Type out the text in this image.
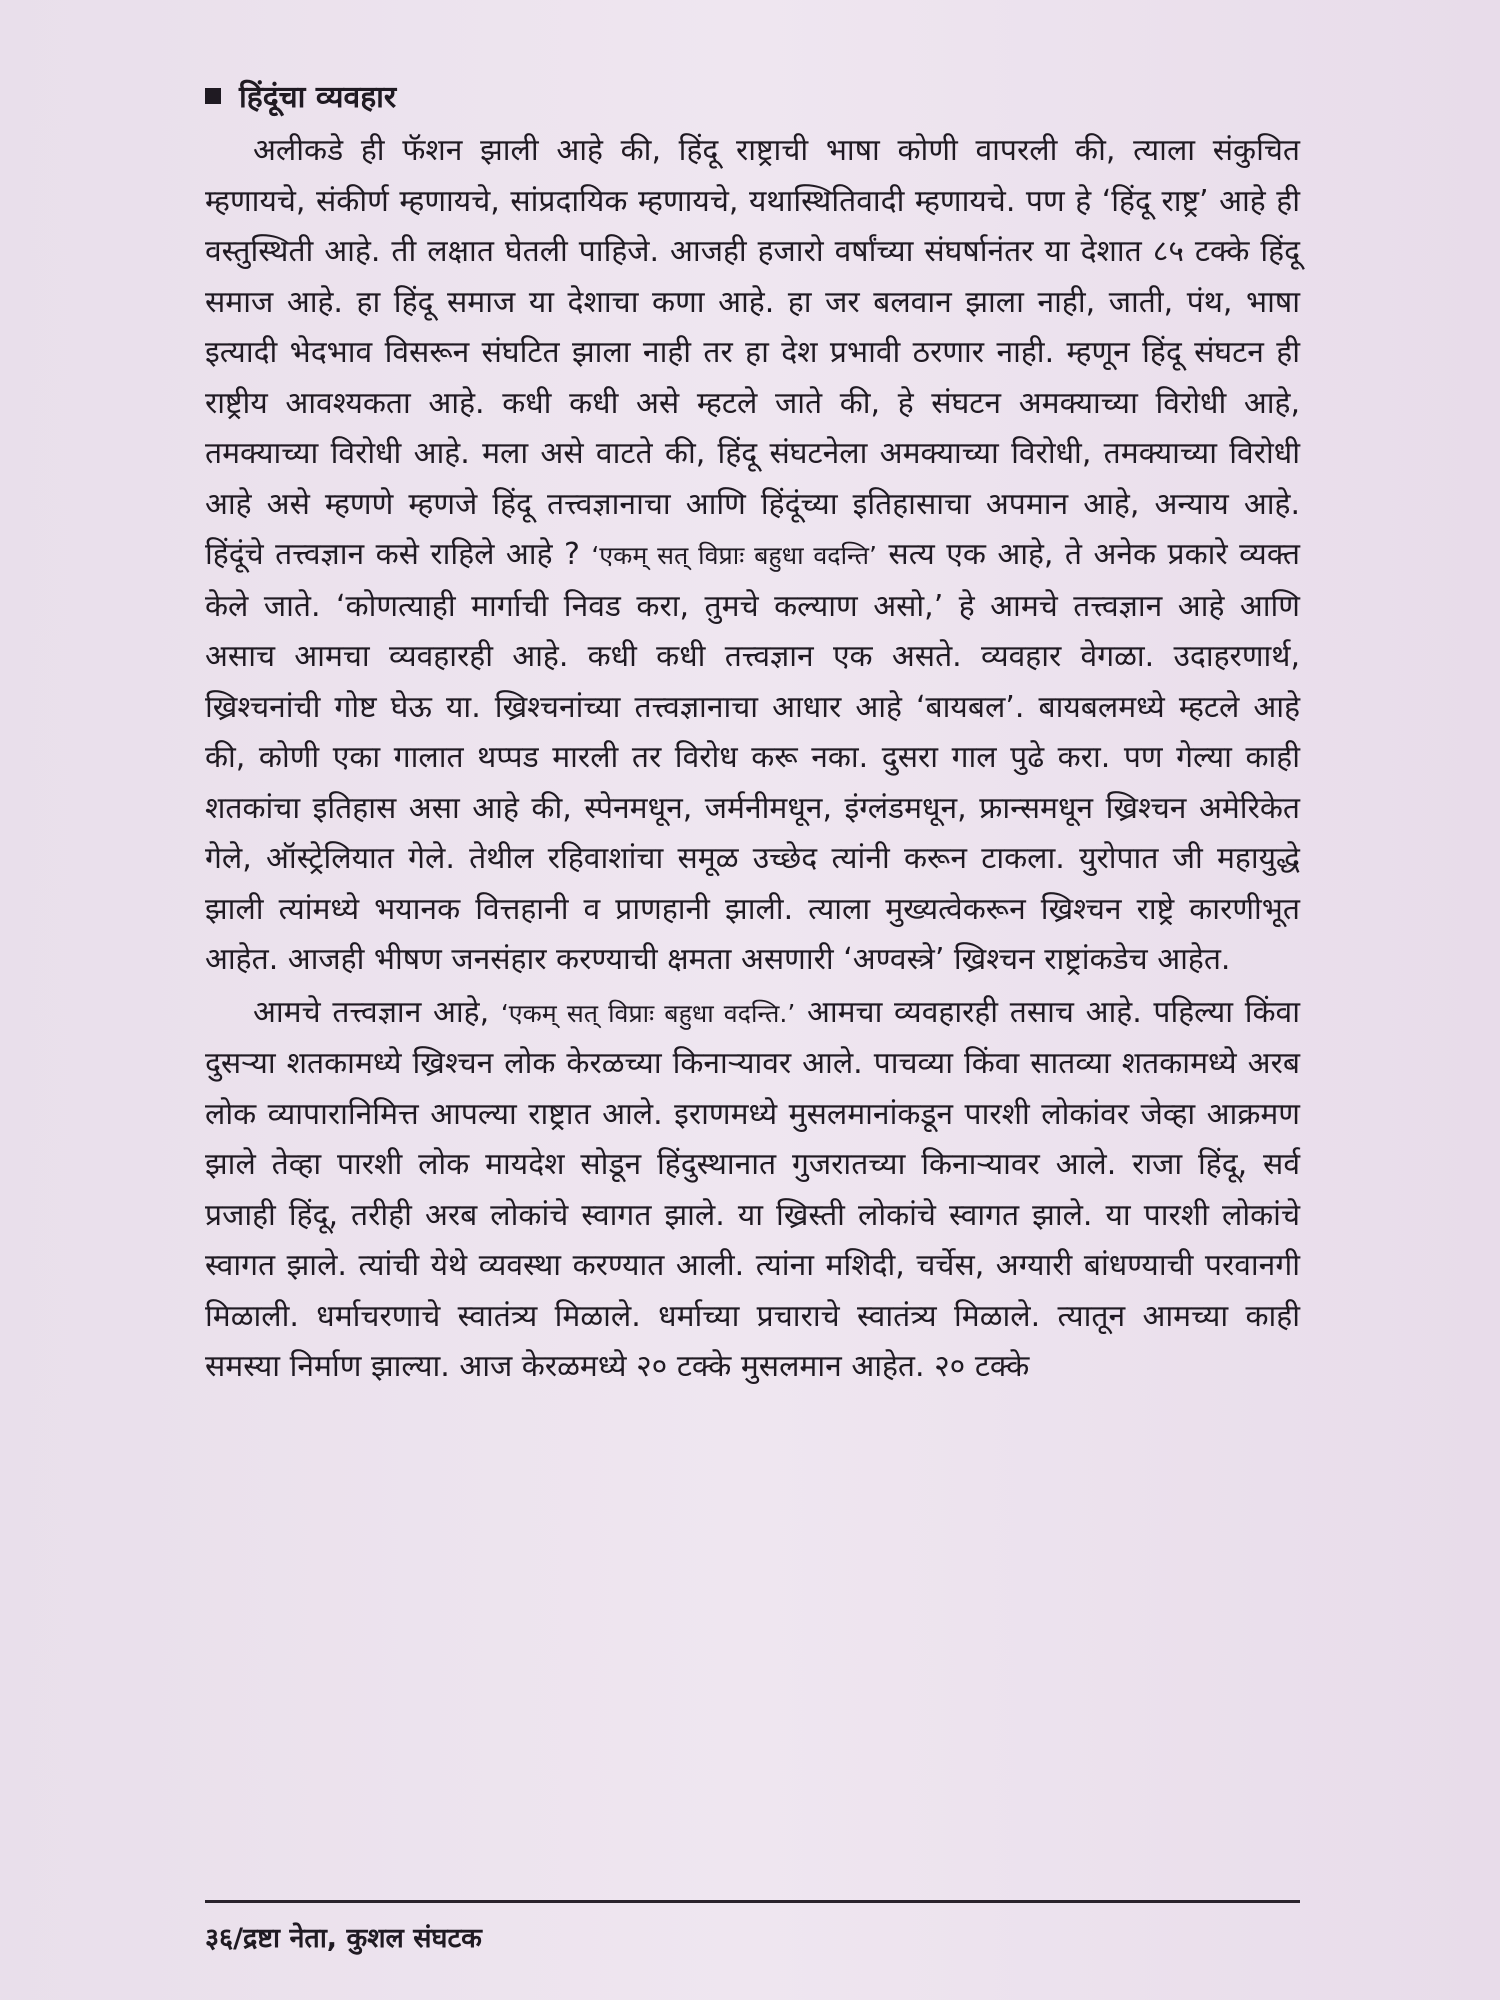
हिंदूंचा व्यवहार

अलीकडे ही फॅशन झाली आहे की, हिंदू राष्ट्राची भाषा कोणी वापरली की, त्याला संकुचित म्हणायचे, संकीर्ण म्हणायचे, सांप्रदायिक म्हणायचे, यथास्थितिवादी म्हणायचे. पण हे ‘हिंदू राष्ट्र’ आहे ही वस्तुस्थिती आहे. ती लक्षात घेतली पाहिजे. आजही हजारो वर्षांच्या संघर्षानंतर या देशात ८५ टक्के हिंदू समाज आहे. हा हिंदू समाज या देशाचा कणा आहे. हा जर बलवान झाला नाही, जाती, पंथ, भाषा इत्यादी भेदभाव विसरून संघटित झाला नाही तर हा देश प्रभावी ठरणार नाही. म्हणून हिंदू संघटन ही राष्ट्रीय आवश्यकता आहे. कधी कधी असे म्हटले जाते की, हे संघटन अमक्याच्या विरोधी आहे, तमक्याच्या विरोधी आहे. मला असे वाटते की, हिंदू संघटनेला अमक्याच्या विरोधी, तमक्याच्या विरोधी आहे असे म्हणणे म्हणजे हिंदू तत्त्वज्ञानाचा आणि हिंदूंच्या इतिहासाचा अपमान आहे, अन्याय आहे. हिंदूंचे तत्त्वज्ञान कसे राहिले आहे ? ‘एकम् सत् विप्राः बहुधा वदन्ति’ सत्य एक आहे, ते अनेक प्रकारे व्यक्त केले जाते. ‘कोणत्याही मार्गाची निवड करा, तुमचे कल्याण असो,’ हे आमचे तत्त्वज्ञान आहे आणि असाच आमचा व्यवहारही आहे. कधी कधी तत्त्वज्ञान एक असते. व्यवहार वेगळा. उदाहरणार्थ, ख्रिश्चनांची गोष्ट घेऊ या. ख्रिश्चनांच्या तत्त्वज्ञानाचा आधार आहे ‘बायबल’. बायबलमध्ये म्हटले आहे की, कोणी एका गालात थप्पड मारली तर विरोध करू नका. दुसरा गाल पुढे करा. पण गेल्या काही शतकांचा इतिहास असा आहे की, स्पेनमधून, जर्मनीमधून, इंग्लंडमधून, फ्रान्समधून ख्रिश्चन अमेरिकेत गेले, ऑस्ट्रेलियात गेले. तेथील रहिवाशांचा समूळ उच्छेद त्यांनी करून टाकला. युरोपात जी महायुद्धे झाली त्यांमध्ये भयानक वित्तहानी व प्राणहानी झाली. त्याला मुख्यत्वेकरून ख्रिश्चन राष्ट्रे कारणीभूत आहेत. आजही भीषण जनसंहार करण्याची क्षमता असणारी ‘अण्वस्त्रे’ ख्रिश्चन राष्ट्रांकडेच आहेत.

आमचे तत्त्वज्ञान आहे, ‘एकम् सत् विप्राः बहुधा वदन्ति.’ आमचा व्यवहारही तसाच आहे. पहिल्या किंवा दुसऱ्या शतकामध्ये ख्रिश्चन लोक केरळच्या किनाऱ्यावर आले. पाचव्या किंवा सातव्या शतकामध्ये अरब लोक व्यापारानिमित्त आपल्या राष्ट्रात आले. इराणमध्ये मुसलमानांकडून पारशी लोकांवर जेव्हा आक्रमण झाले तेव्हा पारशी लोक मायदेश सोडून हिंदुस्थानात गुजरातच्या किनाऱ्यावर आले. राजा हिंदू, सर्व प्रजाही हिंदू, तरीही अरब लोकांचे स्वागत झाले. या ख्रिस्ती लोकांचे स्वागत झाले. या पारशी लोकांचे स्वागत झाले. त्यांची येथे व्यवस्था करण्यात आली. त्यांना मशिदी, चर्चेस, अग्यारी बांधण्याची परवानगी मिळाली. धर्माचरणाचे स्वातंत्र्य मिळाले. धर्माच्या प्रचाराचे स्वातंत्र्य मिळाले. त्यातून आमच्या काही समस्या निर्माण झाल्या. आज केरळमध्ये २० टक्के मुसलमान आहेत. २० टक्के

३६/द्रष्टा नेता, कुशल संघटक
